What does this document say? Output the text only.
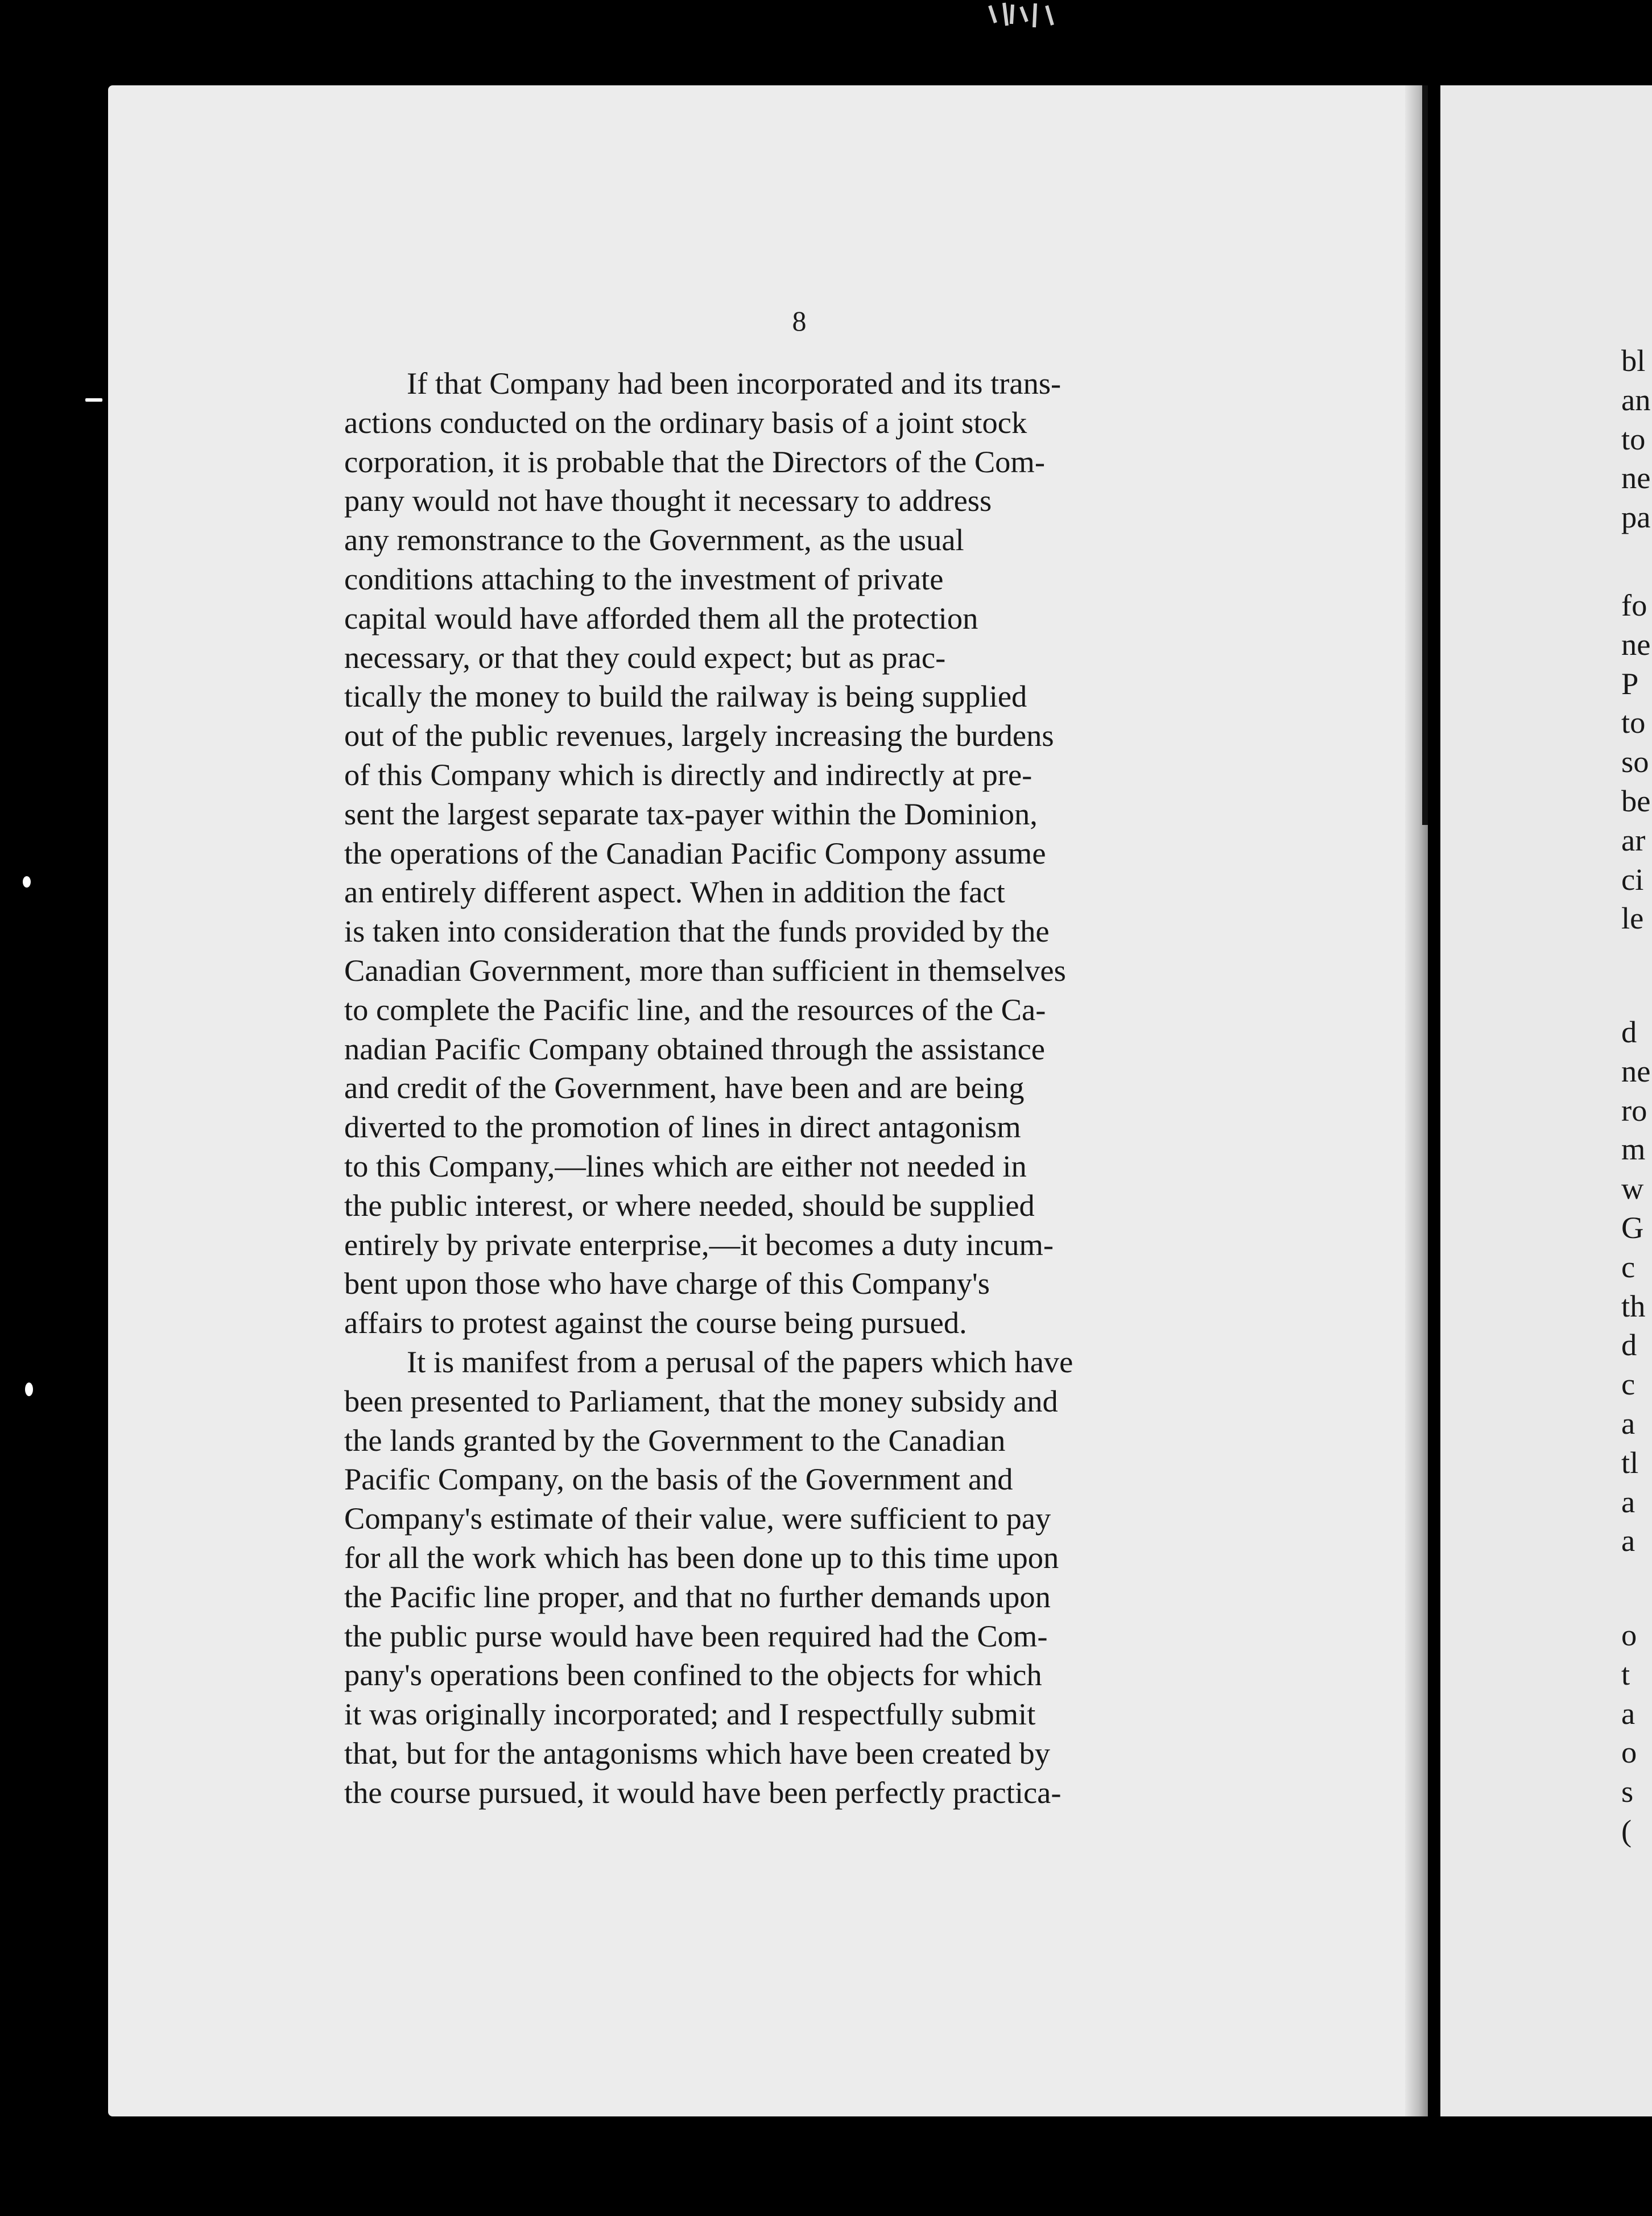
8
If that Company had been incorporated and its trans-
actions conducted on the ordinary basis of a joint stock
corporation, it is probable that the Directors of the Com-
pany would not have thought it necessary to address
any remonstrance to the Government, as the usual
conditions attaching to the investment of private
capital would have afforded them all the protection
necessary, or that they could expect; but as prac-
tically the money to build the railway is being supplied
out of the public revenues, largely increasing the burdens
of this Company which is directly and indirectly at pre-
sent the largest separate tax-payer within the Dominion,
the operations of the Canadian Pacific Compony assume
an entirely different aspect. When in addition the fact
is taken into consideration that the funds provided by the
Canadian Government, more than sufficient in themselves
to complete the Pacific line, and the resources of the Ca-
nadian Pacific Company obtained through the assistance
and credit of the Government, have been and are being
diverted to the promotion of lines in direct antagonism
to this Company,—lines which are either not needed in
the public interest, or where needed, should be supplied
entirely by private enterprise,—it becomes a duty incum-
bent upon those who have charge of this Company's
affairs to protest against the course being pursued.
It is manifest from a perusal of the papers which have
been presented to Parliament, that the money subsidy and
the lands granted by the Government to the Canadian
Pacific Company, on the basis of the Government and
Company's estimate of their value, were sufficient to pay
for all the work which has been done up to this time upon
the Pacific line proper, and that no further demands upon
the public purse would have been required had the Com-
pany's operations been confined to the objects for which
it was originally incorporated; and I respectfully submit
that, but for the antagonisms which have been created by
the course pursued, it would have been perfectly practica-
bl
an
to
ne
pa
fo
ne
P
to
so
be
ar
ci
le
d
ne
ro
m
w
G
c
th
d
c
a
tl
a
a
o
t
a
o
s
(
